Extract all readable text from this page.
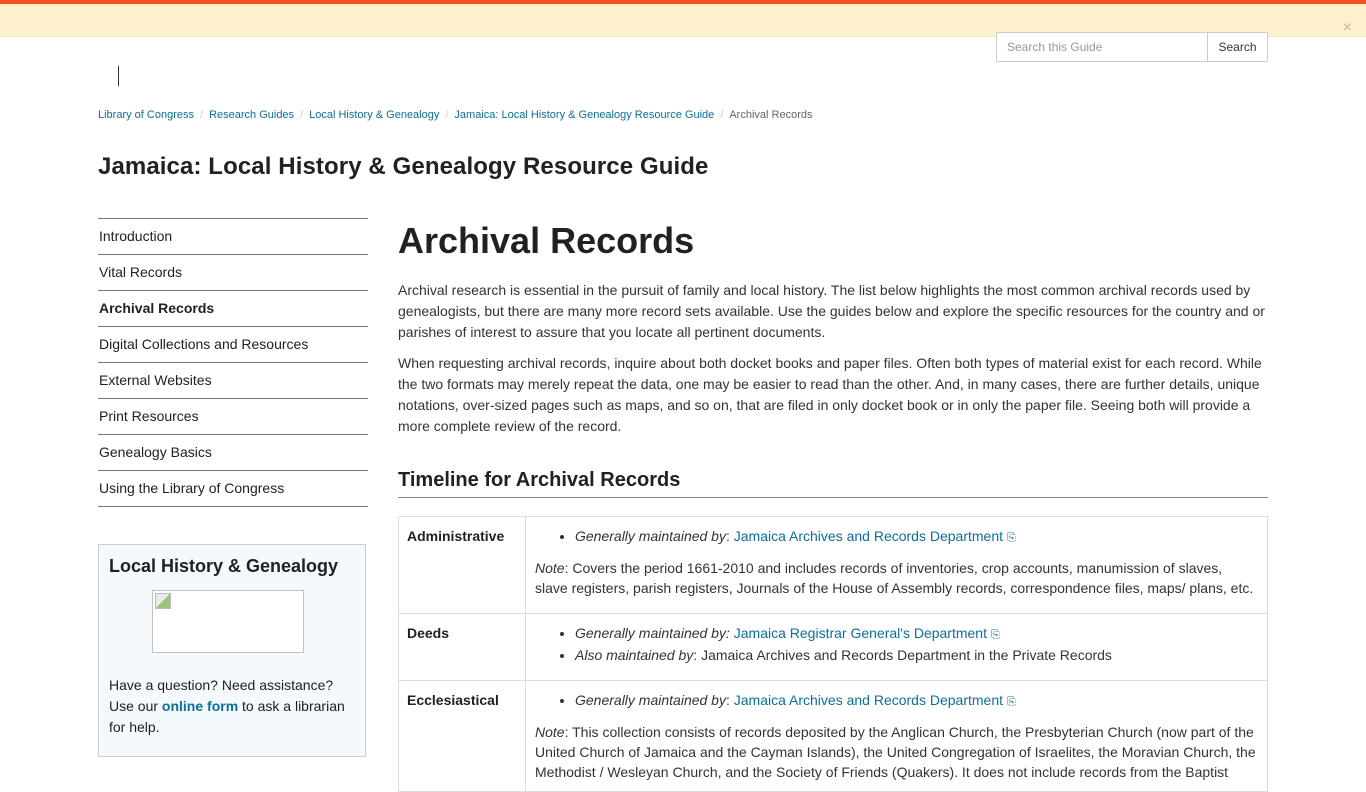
×
Search this Guide
Search
Library of Congress / Research Guides / Local History & Genealogy / Jamaica: Local History & Genealogy Resource Guide / Archival Records
Jamaica: Local History & Genealogy Resource Guide
Introduction
Vital Records
Archival Records
Digital Collections and Resources
External Websites
Print Resources
Genealogy Basics
Using the Library of Congress
Local History & Genealogy

Have a question? Need assistance? Use our online form to ask a librarian for help.

Archival Records

Archival research is essential in the pursuit of family and local history. The list below highlights the most common archival records used by genealogists, but there are many more record sets available. Use the guides below and explore the specific resources for the country and or parishes of interest to assure that you locate all pertinent documents.

When requesting archival records, inquire about both docket books and paper files. Often both types of material exist for each record. While the two formats may merely repeat the data, one may be easier to read than the other. And, in many cases, there are further details, unique notations, over-sized pages such as maps, and so on, that are filed in only docket book or in only the paper file. Seeing both will provide a more complete review of the record.

Timeline for Archival Records
Administrative	Generally maintained by: Jamaica Archives and Records Department ⎘

Note: Covers the period 1661-2010 and includes records of inventories, crop accounts, manumission of slaves, slave registers, parish registers, Journals of the House of Assembly records, correspondence files, maps/ plans, etc.

Deeds	Generally maintained by: Jamaica Registrar General's Department ⎘
Also maintained by: Jamaica Archives and Records Department in the Private Records

Ecclesiastical	Generally maintained by: Jamaica Archives and Records Department ⎘

Note: This collection consists of records deposited by the Anglican Church, the Presbyterian Church (now part of the United Church of Jamaica and the Cayman Islands), the United Congregation of Israelites, the Moravian Church, the Methodist / Wesleyan Church, and the Society of Friends (Quakers). It does not include records from the Baptist
